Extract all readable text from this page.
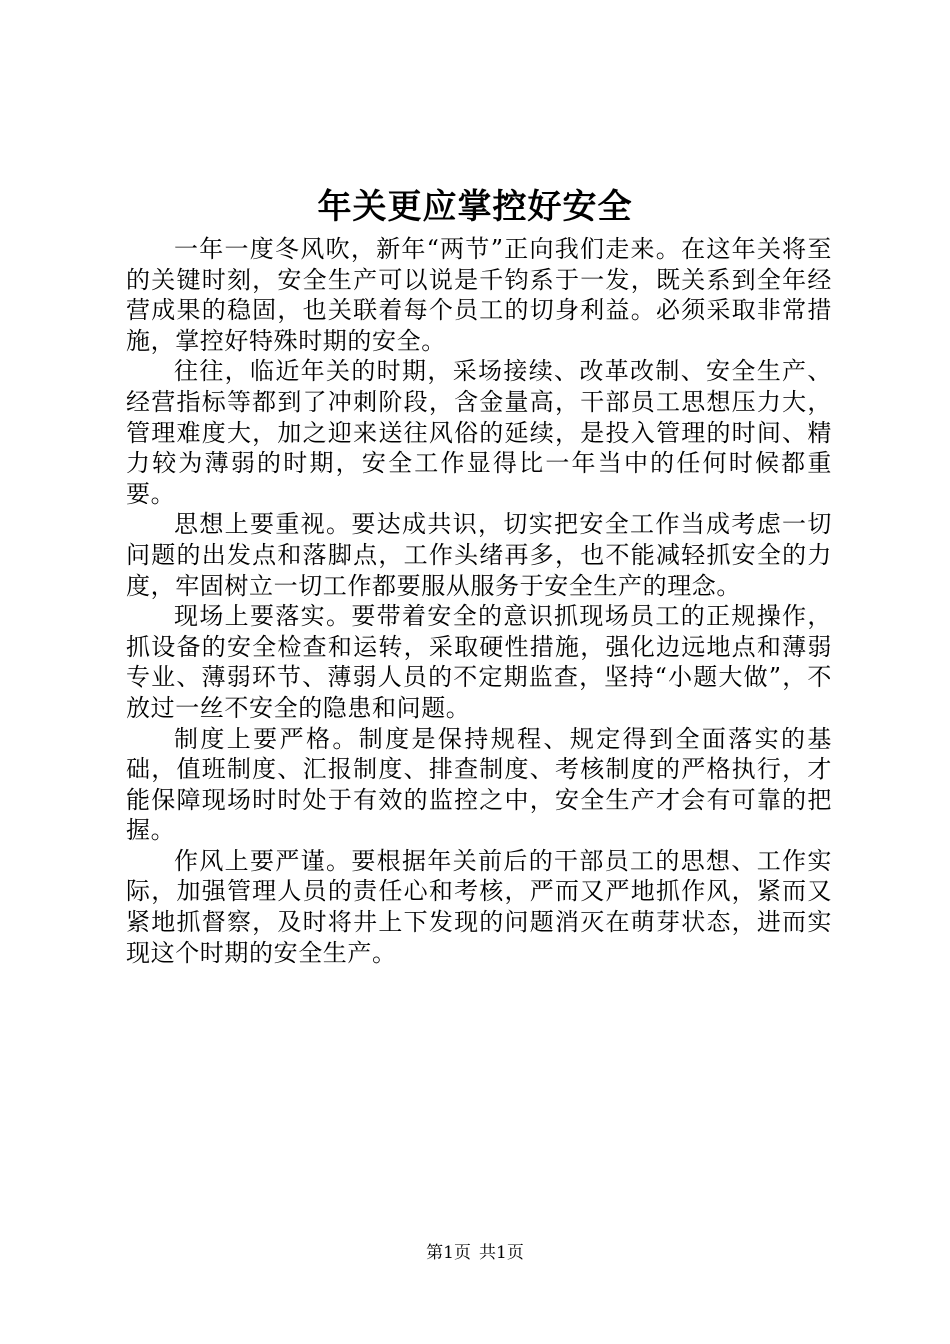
年关更应掌控好安全

一年一度冬风吹，新年“两节”正向我们走来。在这年关将至的关键时刻，安全生产可以说是千钧系于一发，既关系到全年经营成果的稳固，也关联着每个员工的切身利益。必须采取非常措施，掌控好特殊时期的安全。

往往，临近年关的时期，采场接续、改革改制、安全生产、经营指标等都到了冲刺阶段，含金量高，干部员工思想压力大，管理难度大，加之迎来送往风俗的延续，是投入管理的时间、精力较为薄弱的时期，安全工作显得比一年当中的任何时候都重要。

思想上要重视。要达成共识，切实把安全工作当成考虑一切问题的出发点和落脚点，工作头绪再多，也不能减轻抓安全的力度，牢固树立一切工作都要服从服务于安全生产的理念。

现场上要落实。要带着安全的意识抓现场员工的正规操作，抓设备的安全检查和运转，采取硬性措施，强化边远地点和薄弱专业、薄弱环节、薄弱人员的不定期监查，坚持“小题大做”，不放过一丝不安全的隐患和问题。

制度上要严格。制度是保持规程、规定得到全面落实的基础，值班制度、汇报制度、排查制度、考核制度的严格执行，才能保障现场时时处于有效的监控之中，安全生产才会有可靠的把握。

作风上要严谨。要根据年关前后的干部员工的思想、工作实际，加强管理人员的责任心和考核，严而又严地抓作风，紧而又紧地抓督察，及时将井上下发现的问题消灭在萌芽状态，进而实现这个时期的安全生产。

第1页 共1页
